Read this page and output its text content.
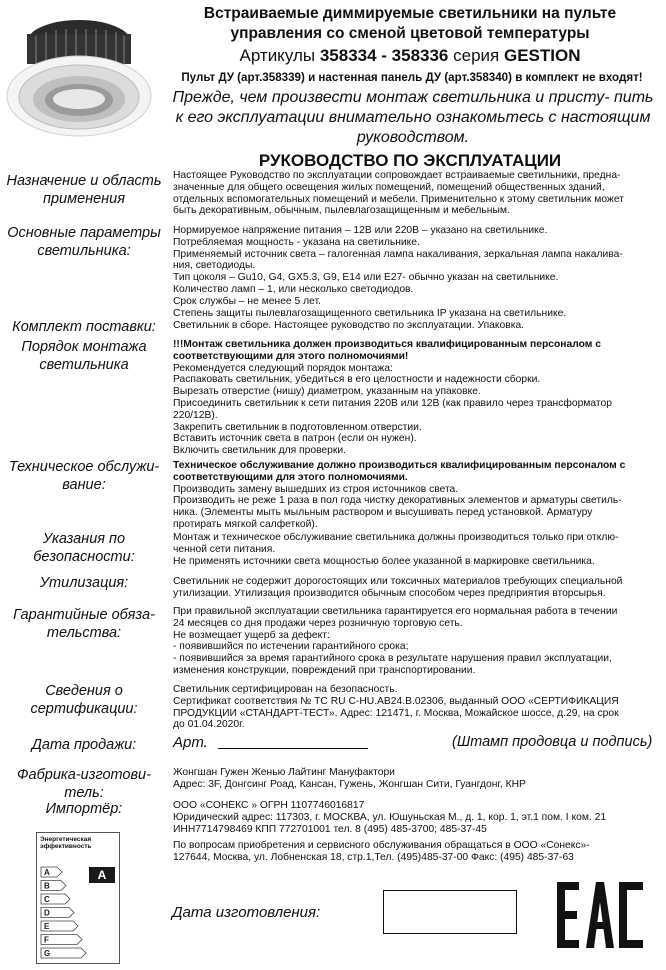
Встраиваемые диммируемые светильники на пульте
управления со сменой цветовой температуры
Артикулы 358334 - 358336 серия GESTION
Пульт ДУ (арт.358339) и настенная панель ДУ (арт.358340) в комплект не входят!
Прежде, чем произвести монтаж светильника и присту- пить к его эксплуатации внимательно ознакомьтесь с настоящим руководством.
РУКОВОДСТВО ПО ЭКСПЛУАТАЦИИ
Назначение и область применения
Настоящее Руководство по эксплуатации сопровождает встраиваемые светильники, предна-
значенные для общего освещения жилых помещений, помещений общественных зданий,
отдельных вспомогательных помещений и мебели. Применительно к этому светильник может
быть декоративным, обычным, пылевлагозащищенным и мебельным.
Основные параметры светильника:
Нормируемое напряжение питания – 12В или 220В – указано на светильнике.
Потребляемая мощность - указана на светильнике.
Применяемый источник света – галогенная лампа накаливания, зеркальная лампа накалива-
ния, светодиоды.
Тип цоколя – Gu10, G4, GX5.3, G9, E14 или E27- обычно указан на светильнике.
Количество ламп – 1, или несколько светодиодов.
Срок службы – не менее 5 лет.
Степень защиты пылевлагозащищенного светильника IP указана на светильнике.
Комплект поставки:	Светильник в сборе. Настоящее руководство по эксплуатации. Упаковка.
Порядок монтажа светильника
!!!Монтаж светильника должен производиться квалифицированным персоналом с
соответствующими для этого полномочиями!
Рекомендуется следующий порядок монтажа:
Распаковать светильник, убедиться в его целостности и надежности сборки.
Вырезать отверстие (нишу) диаметром, указанным на упаковке.
Присоединить светильник к сети питания 220В или 12В (как правило через трансформатор
220/12В).
Закрепить светильник в подготовленном отверстии.
Вставить источник света в патрон (если он нужен).
Включить светильник для проверки.
Техническое обслужи- вание:
Техническое обслуживание должно производиться квалифицированным персоналом с
соответствующими для этого полномочиями.
Производить замену вышедших из строя источников света.
Производить не реже 1 раза в пол года чистку декоративных элементов и арматуры светиль-
ника. (Элементы мыть мыльным раствором и высушивать перед установкой. Арматуру
протирать мягкой салфеткой).
Указания по безопасности:
Монтаж и техническое обслуживание светильника должны производиться только при отклю-
ченной сети питания.
Не применять источники света мощностью более указанной в маркировке светильника.
Утилизация:	Светильник не содержит дорогостоящих или токсичных материалов требующих специальной
утилизации. Утилизация производится обычным способом через предприятия вторсырья.
Гарантийные обяза- тельства:
При правильной эксплуатации светильника гарантируется его нормальная работа в течении
24 месяцев со дня продажи через розничную торговую сеть.
Не возмещает ущерб за дефект:
- появившийся по истечении гарантийного срока;
- появившийся за время гарантийного срока в результате нарушения правил эксплуатации,
изменения конструкции, повреждений при транспортировании.
Сведения о сертификации:
Светильник сертифицирован на безопасность.
Сертификат соответствия № ТС RU С-HU.АВ24.В.02306, выданный ООО «СЕРТИФИКАЦИЯ
ПРОДУКЦИИ «СТАНДАРТ-ТЕСТ». Адрес: 121471, г. Москва, Можайское шоссе, д.29, на срок
до 01.04.2020г.
Дата продажи:	Арт.	(Штамп продовца и подпись)
Фабрика-изготови- тель:
Жонгшан Гужен Женью Лайтинг Мануфактори
Адрес: 3F, Донгсинг Роад, Кансан, Гужень, Жонгшан Сити, Гуангдонг, КНР
Импортёр:	ООО «СОНЕКС » ОГРН 1107746016817
Юридический адрес: 117303, г. МОСКВА, ул. Юшуньская М., д. 1, кор. 1, эт.1 пом. I ком. 21
ИНН7714798469 КПП 772701001 тел. 8 (495) 485-3700; 485-37-45
По вопросам приобретения и сервисного обслуживания обращаться в ООО «Сонекс»-
127644, Москва, ул. Лобненская 18, стр.1,Тел. (495)485-37-00 Факс: (495) 485-37-63
Энергетическая
эффективность
A
B
C
D
E
F
G
A
Дата изготовления:
